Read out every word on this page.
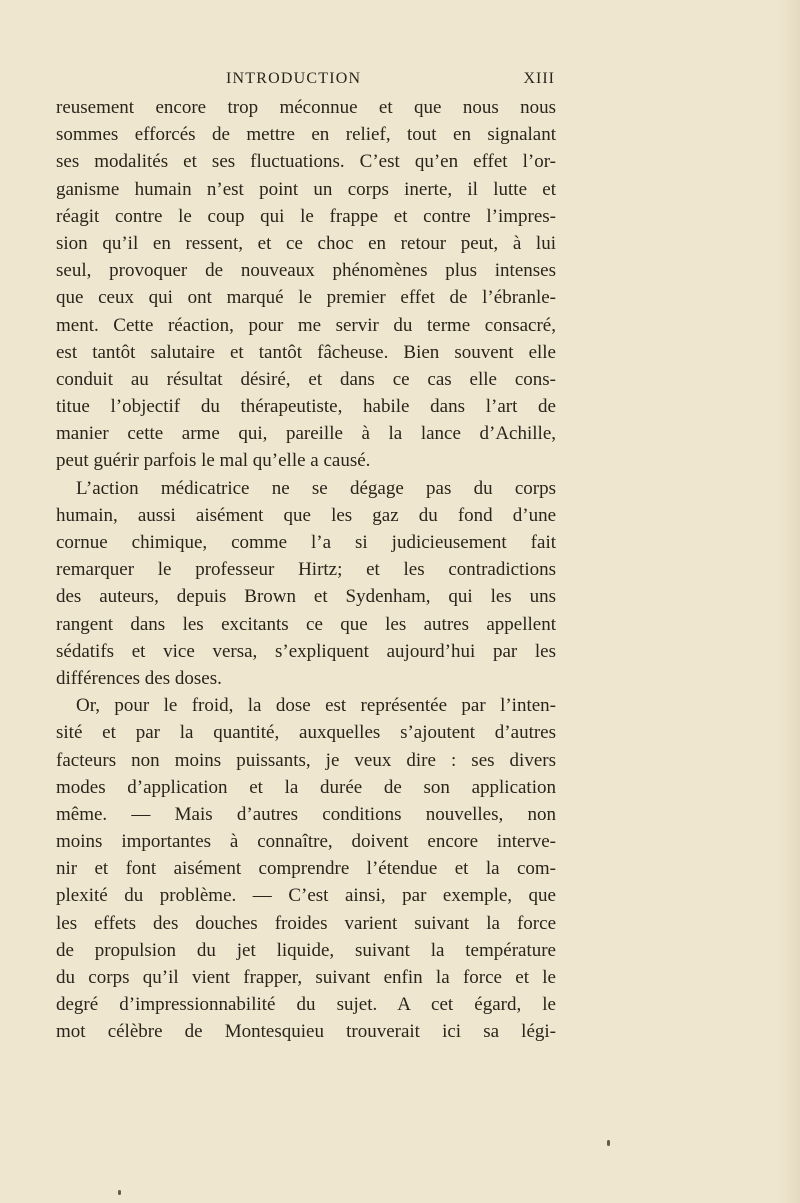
INTRODUCTION	XIII
reusement encore trop méconnue et que nous nous
sommes efforcés de mettre en relief, tout en signalant
ses modalités et ses fluctuations. C’est qu’en effet l’or-
ganisme humain n’est point un corps inerte, il lutte et
réagit contre le coup qui le frappe et contre l’impres-
sion qu’il en ressent, et ce choc en retour peut, à lui
seul, provoquer de nouveaux phénomènes plus intenses
que ceux qui ont marqué le premier effet de l’ébranle-
ment. Cette réaction, pour me servir du terme consacré,
est tantôt salutaire et tantôt fâcheuse. Bien souvent elle
conduit au résultat désiré, et dans ce cas elle cons-
titue l’objectif du thérapeutiste, habile dans l’art de
manier cette arme qui, pareille à la lance d’Achille,
peut guérir parfois le mal qu’elle a causé.
L’action médicatrice ne se dégage pas du corps
humain, aussi aisément que les gaz du fond d’une
cornue chimique, comme l’a si judicieusement fait
remarquer le professeur Hirtz; et les contradictions
des auteurs, depuis Brown et Sydenham, qui les uns
rangent dans les excitants ce que les autres appellent
sédatifs et vice versa, s’expliquent aujourd’hui par les
différences des doses.
Or, pour le froid, la dose est représentée par l’inten-
sité et par la quantité, auxquelles s’ajoutent d’autres
facteurs non moins puissants, je veux dire : ses divers
modes d’application et la durée de son application
même. — Mais d’autres conditions nouvelles, non
moins importantes à connaître, doivent encore interve-
nir et font aisément comprendre l’étendue et la com-
plexité du problème. — C’est ainsi, par exemple, que
les effets des douches froides varient suivant la force
de propulsion du jet liquide, suivant la température
du corps qu’il vient frapper, suivant enfin la force et le
degré d’impressionnabilité du sujet. A cet égard, le
mot célèbre de Montesquieu trouverait ici sa légi-
